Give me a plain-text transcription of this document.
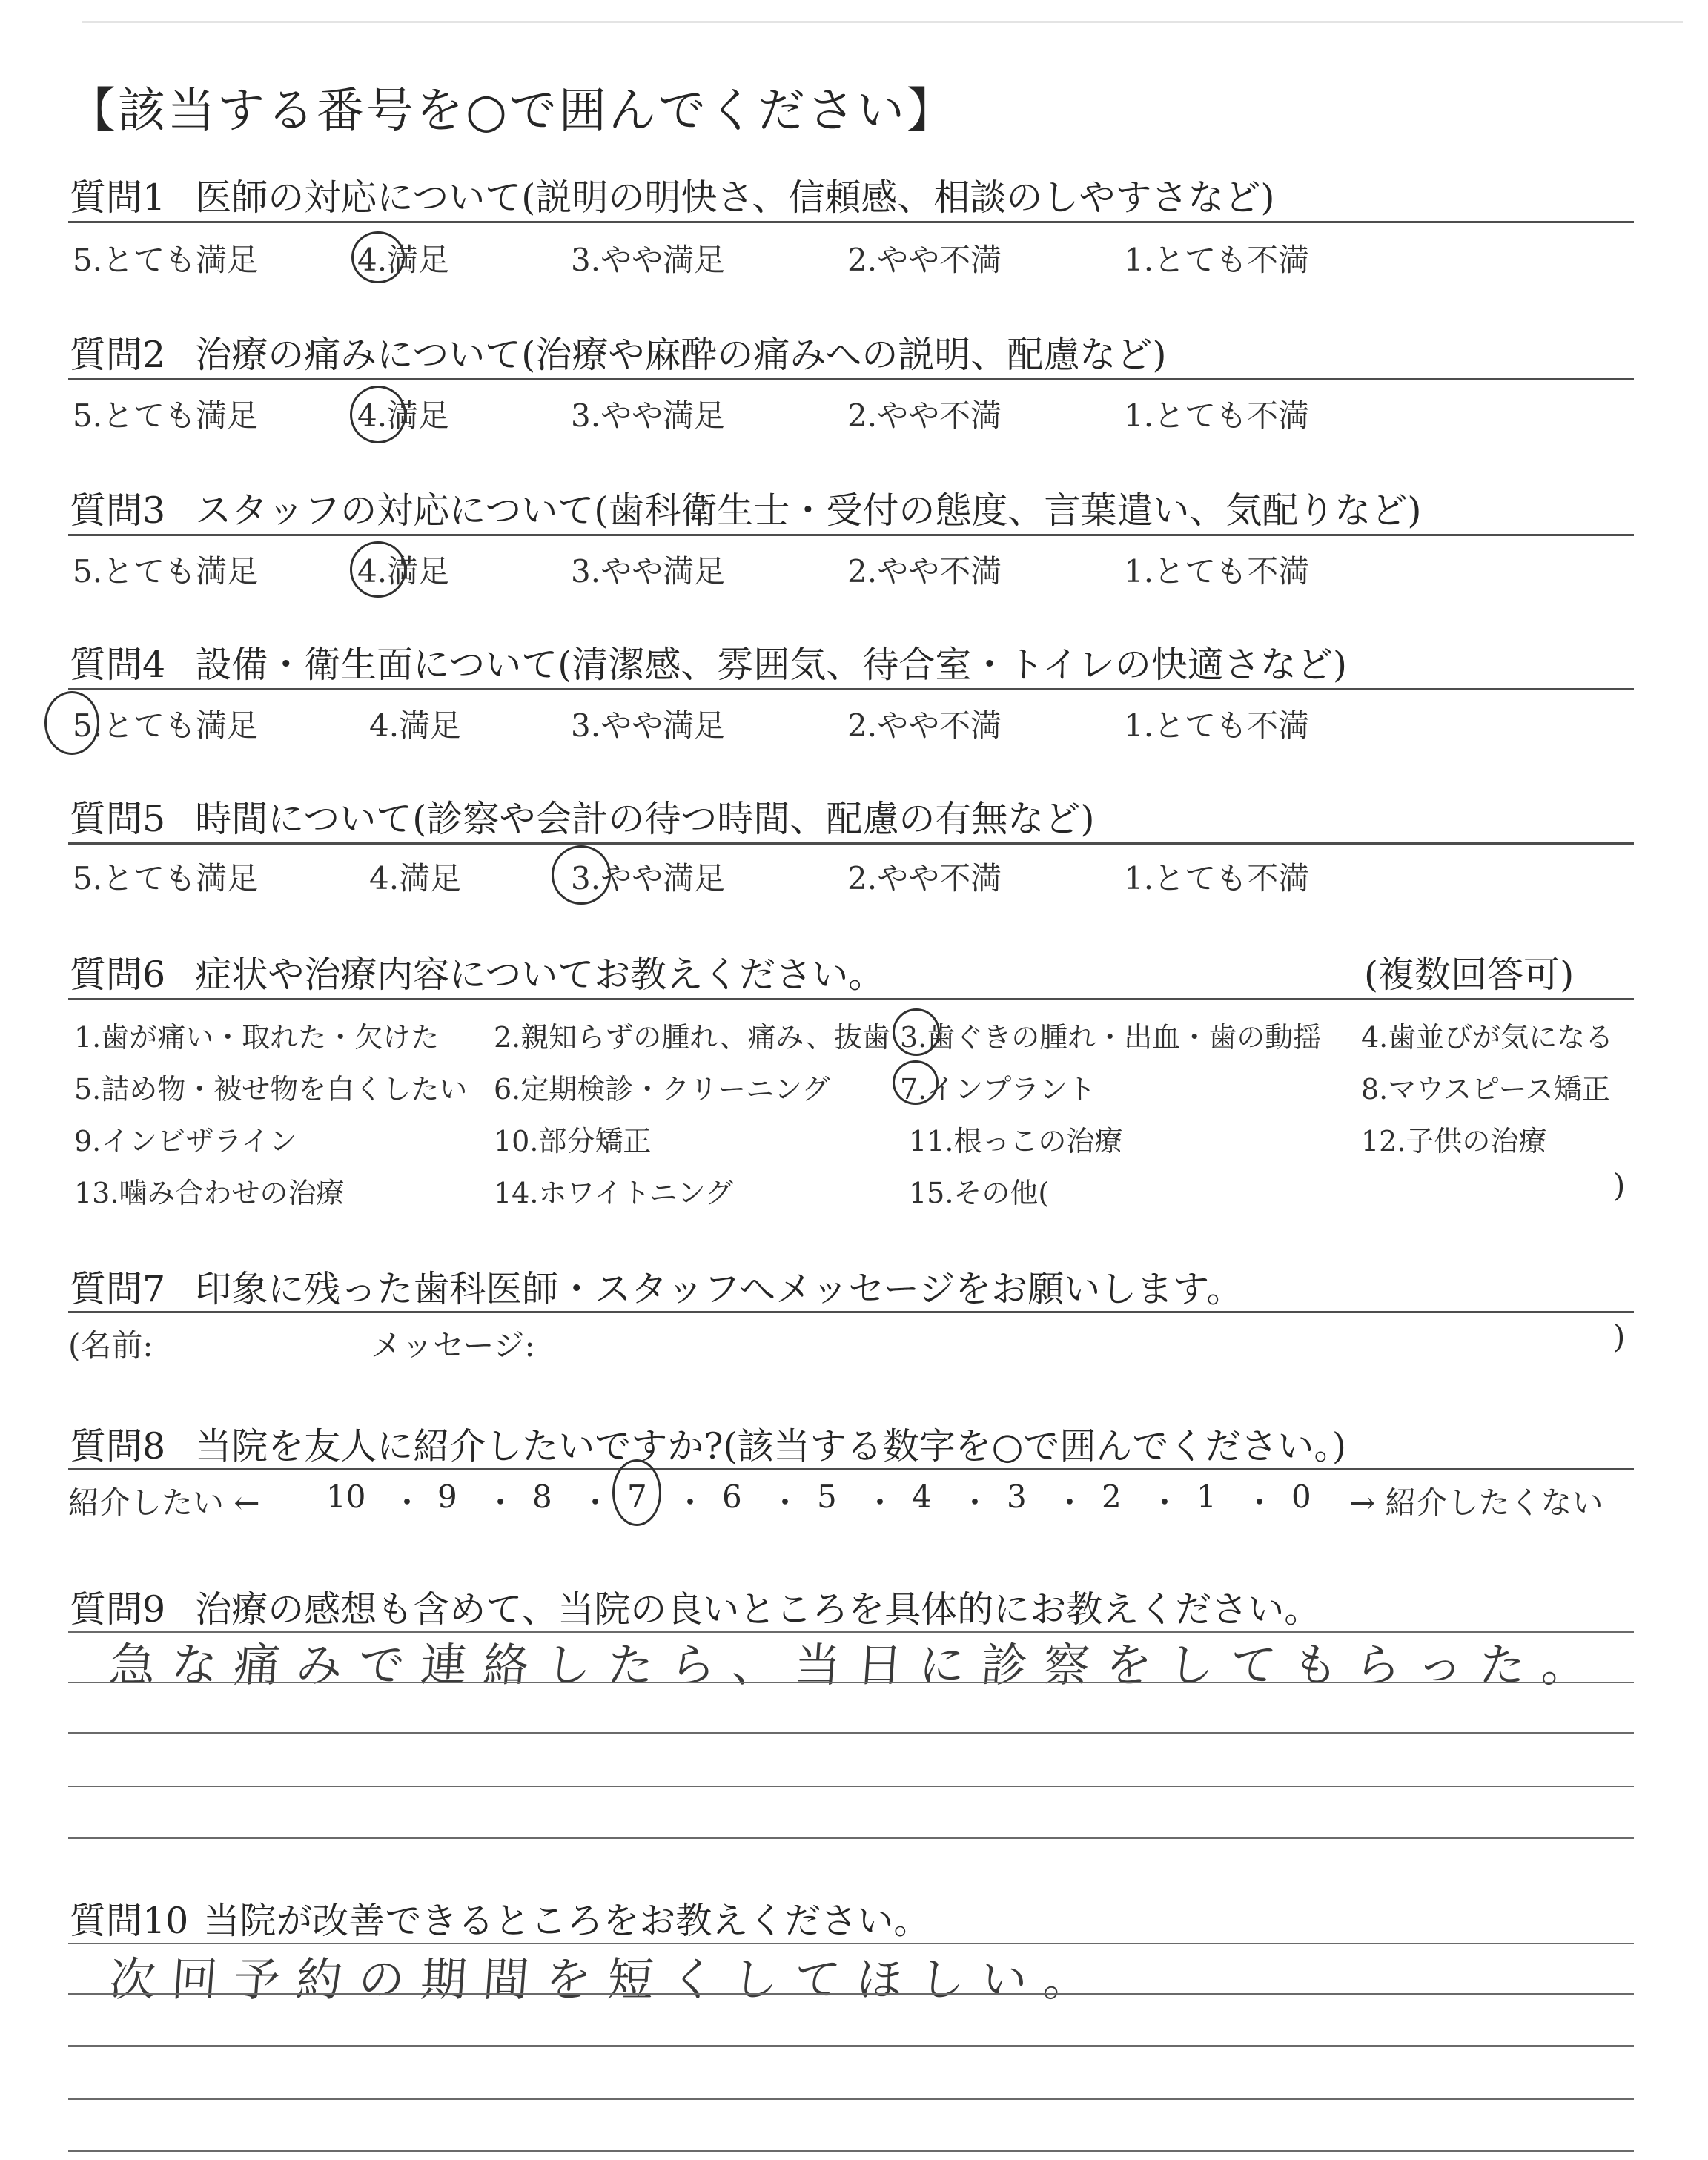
【該当する番号を○で囲んでください】
質問1 医師の対応について(説明の明快さ、信頼感、相談のしやすさなど)
5.とても満足	4.満足	3.やや満足	2.やや不満	1.とても不満
質問2 治療の痛みについて(治療や麻酔の痛みへの説明、配慮など)
5.とても満足	4.満足	3.やや満足	2.やや不満	1.とても不満
質問3 スタッフの対応について(歯科衛生士・受付の態度、言葉遣い、気配りなど)
5.とても満足	4.満足	3.やや満足	2.やや不満	1.とても不満
質問4 設備・衛生面について(清潔感、雰囲気、待合室・トイレの快適さなど)
5.とても満足	4.満足	3.やや満足	2.やや不満	1.とても不満
質問5 時間について(診察や会計の待つ時間、配慮の有無など)
5.とても満足	4.満足	3.やや満足	2.やや不満	1.とても不満
質問6 症状や治療内容についてお教えください。	(複数回答可)
1.歯が痛い・取れた・欠けた 2.親知らずの腫れ、痛み、抜歯 3.歯ぐきの腫れ・出血・歯の動揺 4.歯並びが気になる
5.詰め物・被せ物を白くしたい 6.定期検診・クリーニング 7.インプラント	8.マウスピース矯正
9.インビザライン	10.部分矯正	11.根っこの治療	12.子供の治療
13.噛み合わせの治療	14.ホワイトニング	15.その他(	)
質問7 印象に残った歯科医師・スタッフへメッセージをお願いします。
(名前:	メッセージ:	)
質問8 当院を友人に紹介したいですか?(該当する数字を○で囲んでください。)
紹介したい ←	→ 紹介したくない
10 ・ 9 ・ 8 ・ 7 ・ 6 ・ 5 ・ 4 ・ 3 ・ 2 ・ 1 ・ 0
質問9 治療の感想も含めて、当院の良いところを具体的にお教えください。
急な痛みで連絡したら、当日に診察をしてもらった。
質問10 当院が改善できるところをお教えください。
次回予約の期間を短くしてほしい。
